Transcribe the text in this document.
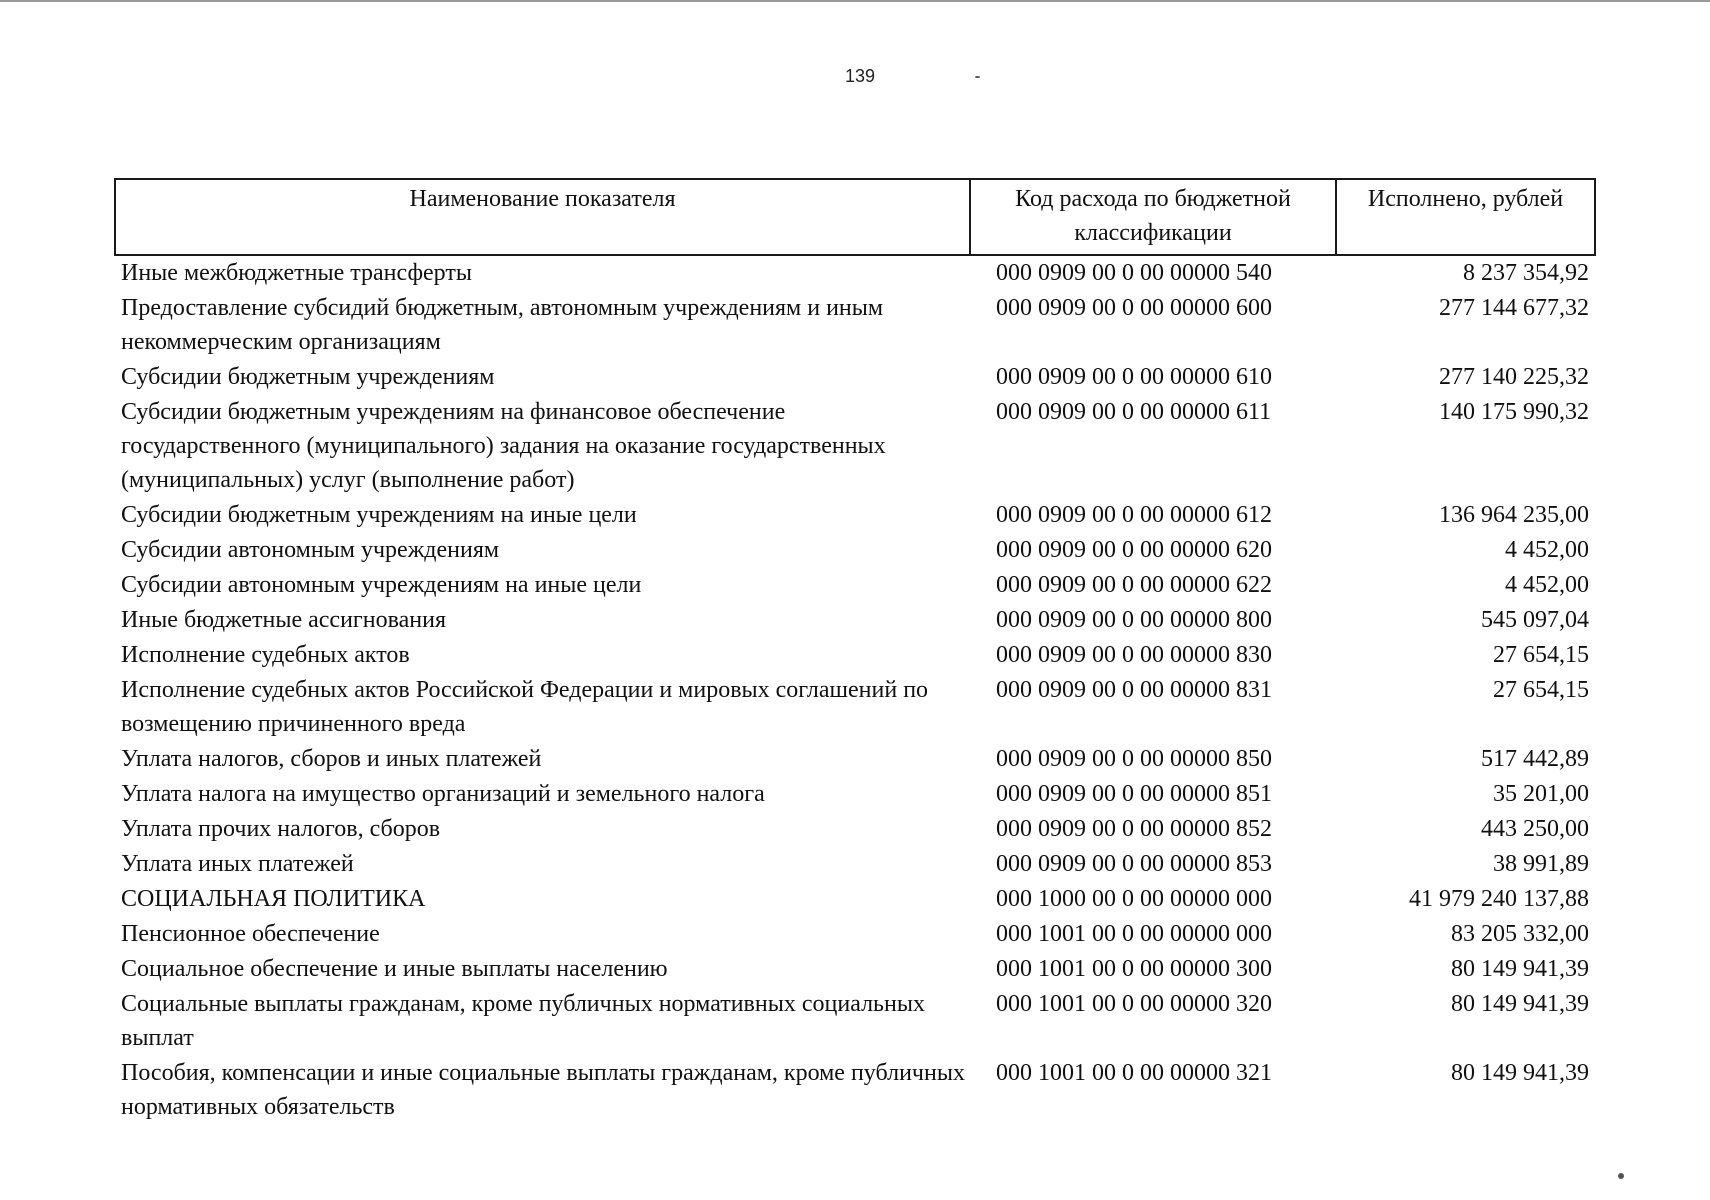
139
Наименование показателя	Код расхода по бюджетной классификации	Исполнено, рублей
Иные межбюджетные трансферты	000 0909 00 0 00 00000 540	8 237 354,92
Предоставление субсидий бюджетным, автономным учреждениям и иным некоммерческим организациям	000 0909 00 0 00 00000 600	277 144 677,32
Субсидии бюджетным учреждениям	000 0909 00 0 00 00000 610	277 140 225,32
Субсидии бюджетным учреждениям на финансовое обеспечение государственного (муниципального) задания на оказание государственных (муниципальных) услуг (выполнение работ)	000 0909 00 0 00 00000 611	140 175 990,32
Субсидии бюджетным учреждениям на иные цели	000 0909 00 0 00 00000 612	136 964 235,00
Субсидии автономным учреждениям	000 0909 00 0 00 00000 620	4 452,00
Субсидии автономным учреждениям на иные цели	000 0909 00 0 00 00000 622	4 452,00
Иные бюджетные ассигнования	000 0909 00 0 00 00000 800	545 097,04
Исполнение судебных актов	000 0909 00 0 00 00000 830	27 654,15
Исполнение судебных актов Российской Федерации и мировых соглашений по возмещению причиненного вреда	000 0909 00 0 00 00000 831	27 654,15
Уплата налогов, сборов и иных платежей	000 0909 00 0 00 00000 850	517 442,89
Уплата налога на имущество организаций и земельного налога	000 0909 00 0 00 00000 851	35 201,00
Уплата прочих налогов, сборов	000 0909 00 0 00 00000 852	443 250,00
Уплата иных платежей	000 0909 00 0 00 00000 853	38 991,89
СОЦИАЛЬНАЯ ПОЛИТИКА	000 1000 00 0 00 00000 000	41 979 240 137,88
Пенсионное обеспечение	000 1001 00 0 00 00000 000	83 205 332,00
Социальное обеспечение и иные выплаты населению	000 1001 00 0 00 00000 300	80 149 941,39
Социальные выплаты гражданам, кроме публичных нормативных социальных выплат	000 1001 00 0 00 00000 320	80 149 941,39
Пособия, компенсации и иные социальные выплаты гражданам, кроме публичных нормативных обязательств	000 1001 00 0 00 00000 321	80 149 941,39
